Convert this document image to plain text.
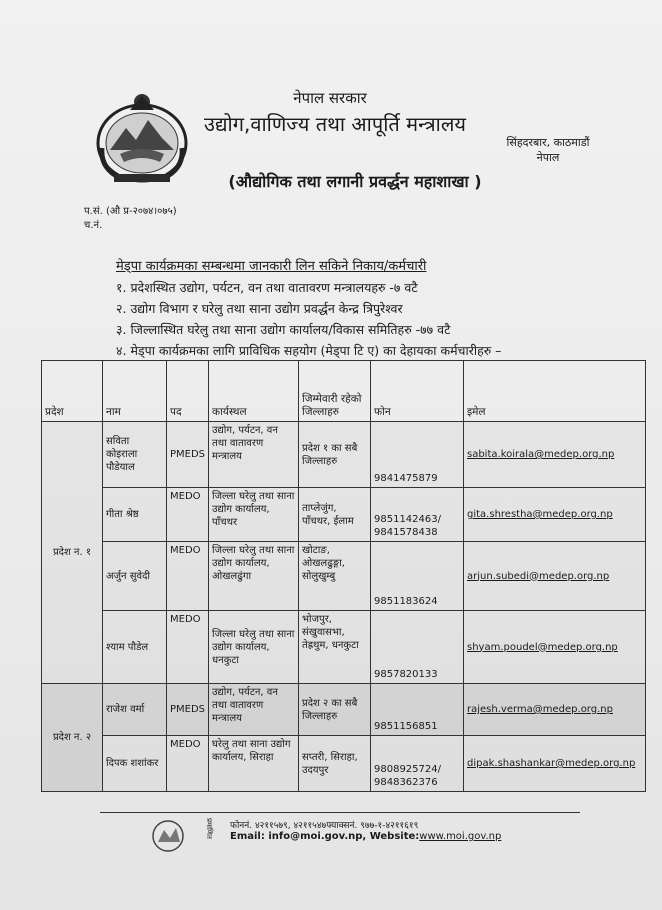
नेपाल सरकार
उद्योग,वाणिज्य तथा आपूर्ति मन्त्रालय
सिंहदरबार, काठमाडौं
नेपाल
(औद्योगिक तथा लगानी प्रवर्द्धन महाशाखा )
प.सं. (औ प्र-२०७४।०७५)
च.नं.
मेड्पा कार्यक्रमका सम्बन्धमा जानकारी लिन सकिने निकाय/कर्मचारी
१. प्रदेशस्थित उद्योग, पर्यटन, वन तथा वातावरण मन्त्रालयहरु -७ वटै
२. उद्योग विभाग र घरेलु तथा साना उद्योग प्रवर्द्धन केन्द्र त्रिपुरेश्वर
३. जिल्लास्थित घरेलु तथा साना उद्योग कार्यालय/विकास समितिहरु -७७ वटै
४. मेड्पा कार्यक्रमका लागि प्राविधिक सहयोग (मेड्पा टि ए) का देहायका कर्मचारीहरु –
प्रदेश	नाम	पद	कार्यस्थल	जिम्मेवारी रहेको जिल्लाहरु	फोन	इमेल
प्रदेश न. १	सविता कोइराला पौडेयाल	PMEDS	उद्योग, पर्यटन, वन तथा वातावरण मन्त्रालय	प्रदेश १ का सबै जिल्लाहरु	9841475879	sabita.koirala@medep.org.np
	गीता श्रेष्ठ	MEDO	जिल्ला घरेलु तथा साना उद्योग कार्यालय, पाँचथर	ताप्लेजुंग, पाँचथर, ईलाम	9851142463/ 9841578438	gita.shrestha@medep.org.np
	अर्जुन सुवेदी	MEDO	जिल्ला घरेलु तथा साना उद्योग कार्यालय, ओखलढुंगा	खोटाङ, ओखलढुङ्गा, सोलुखुम्बु	9851183624	arjun.subedi@medep.org.np
	श्याम पौडेल	MEDO	जिल्ला घरेलु तथा साना उद्योग कार्यालय, धनकुटा	भोजपुर, संखुवासभा, तेह्रथुम, धनकुटा	9857820133	shyam.poudel@medep.org.np
प्रदेश न. २	राजेश वर्मा	PMEDS	उद्योग, पर्यटन, वन तथा वातावरण मन्त्रालय	प्रदेश २ का सबै जिल्लाहरु	9851156851	rajesh.verma@medep.org.np
	दिपक शशांकर	MEDO	घरेलु तथा साना उद्योग कार्यालय, सिराहा	सप्तरी, सिराहा, उदयपुर	9808925724/ 9848362376	dipak.shashankar@medep.org.np
प्रमाणित फोननं. ४२११५७९, ४२११५४७फ्याक्सनं. ९७७-१-४२११६१९
Email: info@moi.gov.np, Website:www.moi.gov.np
